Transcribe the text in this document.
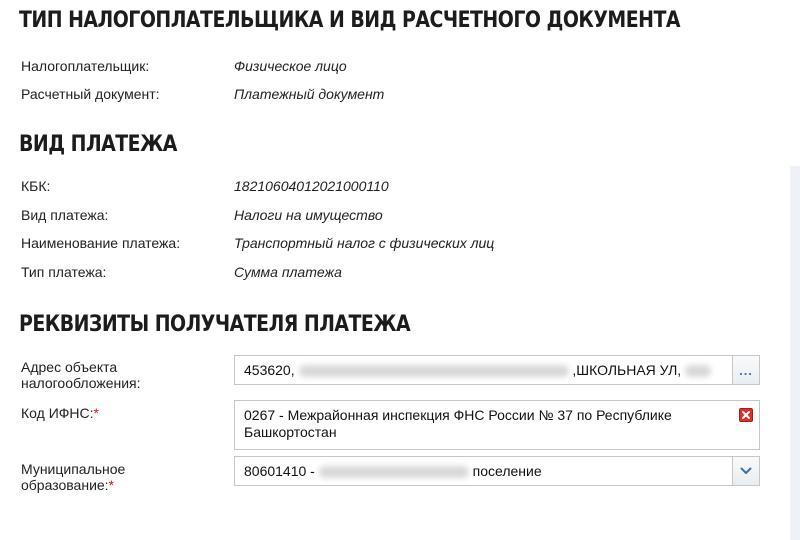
ТИП НАЛОГОПЛАТЕЛЬЩИКА И ВИД РАСЧЕТНОГО ДОКУМЕНТА
Налогоплательщик:	Физическое лицо
Расчетный документ:	Платежный документ
ВИД ПЛАТЕЖА
КБК:	18210604012021000110
Вид платежа:	Налоги на имущество
Наименование платежа:	Транспортный налог с физических лиц
Тип платежа:	Сумма платежа
РЕКВИЗИТЫ ПОЛУЧАТЕЛЯ ПЛАТЕЖА
Адрес объекта
налогообложения:
453620,	,ШКОЛЬНАЯ УЛ,	...
Код ИФНС:*	0267 - Межрайонная инспекция ФНС России № 37 по Республике
Башкортостан
Муниципальное
образование:*
80601410 -	поселение
